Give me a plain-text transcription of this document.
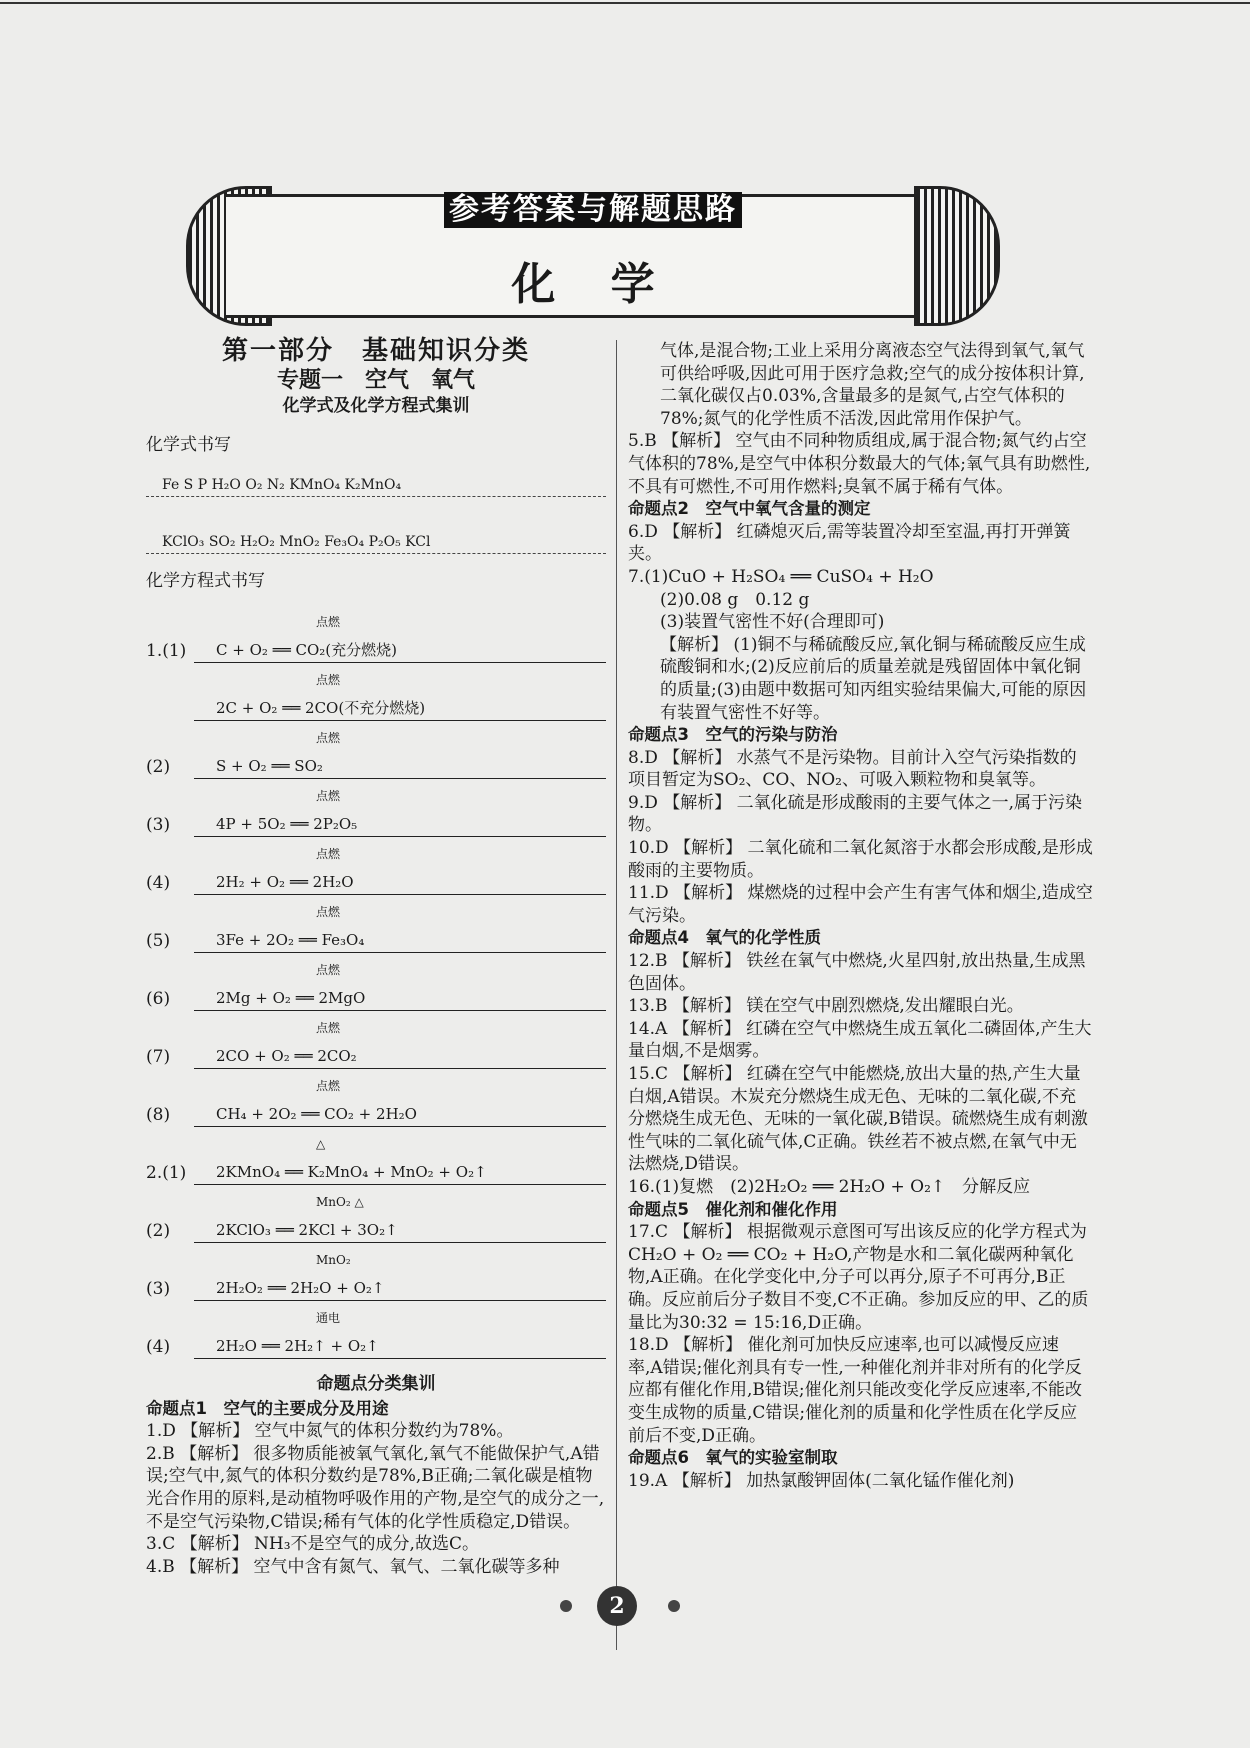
参考答案与解题思路
化 学
第一部分　基础知识分类
专题一　空气　氧气
化学式及化学方程式集训

化学式书写

Fe S P H₂O O₂ N₂ KMnO₄ K₂MnO₄
KClO₃ SO₂ H₂O₂ MnO₂ Fe₃O₄ P₂O₅ KCl

化学方程式书写

1.(1)
点燃
C + O₂ ══ CO₂(充分燃烧)
点燃
2C + O₂ ══ 2CO(不充分燃烧)
(2)
点燃
S + O₂ ══ SO₂
(3)
点燃
4P + 5O₂ ══ 2P₂O₅
(4)
点燃
2H₂ + O₂ ══ 2H₂O
(5)
点燃
3Fe + 2O₂ ══ Fe₃O₄
(6)
点燃
2Mg + O₂ ══ 2MgO
(7)
点燃
2CO + O₂ ══ 2CO₂
(8)
点燃
CH₄ + 2O₂ ══ CO₂ + 2H₂O
2.(1)
△
2KMnO₄ ══ K₂MnO₄ + MnO₂ + O₂↑
(2)
MnO₂ △
2KClO₃ ══ 2KCl + 3O₂↑
(3)
MnO₂
2H₂O₂ ══ 2H₂O + O₂↑
(4)
通电
2H₂O ══ 2H₂↑ + O₂↑

命题点分类集训

命题点1　空气的主要成分及用途

1.D 【解析】 空气中氮气的体积分数约为78%。

2.B 【解析】 很多物质能被氧气氧化,氧气不能做保护气,A错误;空气中,氮气的体积分数约是78%,B正确;二氧化碳是植物光合作用的原料,是动植物呼吸作用的产物,是空气的成分之一,不是空气污染物,C错误;稀有气体的化学性质稳定,D错误。

3.C 【解析】 NH₃不是空气的成分,故选C。

4.B 【解析】 空气中含有氮气、氧气、二氧化碳等多种

气体,是混合物;工业上采用分离液态空气法得到氧气,氧气可供给呼吸,因此可用于医疗急救;空气的成分按体积计算,二氧化碳仅占0.03%,含量最多的是氮气,占空气体积的78%;氮气的化学性质不活泼,因此常用作保护气。

5.B 【解析】 空气由不同种物质组成,属于混合物;氮气约占空气体积的78%,是空气中体积分数最大的气体;氧气具有助燃性,不具有可燃性,不可用作燃料;臭氧不属于稀有气体。

命题点2　空气中氧气含量的测定

6.D 【解析】 红磷熄灭后,需等装置冷却至室温,再打开弹簧夹。

7.(1)CuO + H₂SO₄ ══ CuSO₄ + H₂O

(2)0.08 g　0.12 g

(3)装置气密性不好(合理即可)

【解析】 (1)铜不与稀硫酸反应,氧化铜与稀硫酸反应生成硫酸铜和水;(2)反应前后的质量差就是残留固体中氧化铜的质量;(3)由题中数据可知丙组实验结果偏大,可能的原因有装置气密性不好等。

命题点3　空气的污染与防治

8.D 【解析】 水蒸气不是污染物。目前计入空气污染指数的项目暂定为SO₂、CO、NO₂、可吸入颗粒物和臭氧等。

9.D 【解析】 二氧化硫是形成酸雨的主要气体之一,属于污染物。

10.D 【解析】 二氧化硫和二氧化氮溶于水都会形成酸,是形成酸雨的主要物质。

11.D 【解析】 煤燃烧的过程中会产生有害气体和烟尘,造成空气污染。

命题点4　氧气的化学性质

12.B 【解析】 铁丝在氧气中燃烧,火星四射,放出热量,生成黑色固体。

13.B 【解析】 镁在空气中剧烈燃烧,发出耀眼白光。

14.A 【解析】 红磷在空气中燃烧生成五氧化二磷固体,产生大量白烟,不是烟雾。

15.C 【解析】 红磷在空气中能燃烧,放出大量的热,产生大量白烟,A错误。木炭充分燃烧生成无色、无味的二氧化碳,不充分燃烧生成无色、无味的一氧化碳,B错误。硫燃烧生成有刺激性气味的二氧化硫气体,C正确。铁丝若不被点燃,在氧气中无法燃烧,D错误。

16.(1)复燃　(2)2H₂O₂ ══ 2H₂O + O₂↑　分解反应

命题点5　催化剂和催化作用

17.C 【解析】 根据微观示意图可写出该反应的化学方程式为CH₂O + O₂ ══ CO₂ + H₂O,产物是水和二氧化碳两种氧化物,A正确。在化学变化中,分子可以再分,原子不可再分,B正确。反应前后分子数目不变,C不正确。参加反应的甲、乙的质量比为30:32 = 15:16,D正确。

18.D 【解析】 催化剂可加快反应速率,也可以减慢反应速率,A错误;催化剂具有专一性,一种催化剂并非对所有的化学反应都有催化作用,B错误;催化剂只能改变化学反应速率,不能改变生成物的质量,C错误;催化剂的质量和化学性质在化学反应前后不变,D正确。

命题点6　氧气的实验室制取

19.A 【解析】 加热氯酸钾固体(二氧化锰作催化剂)

2
